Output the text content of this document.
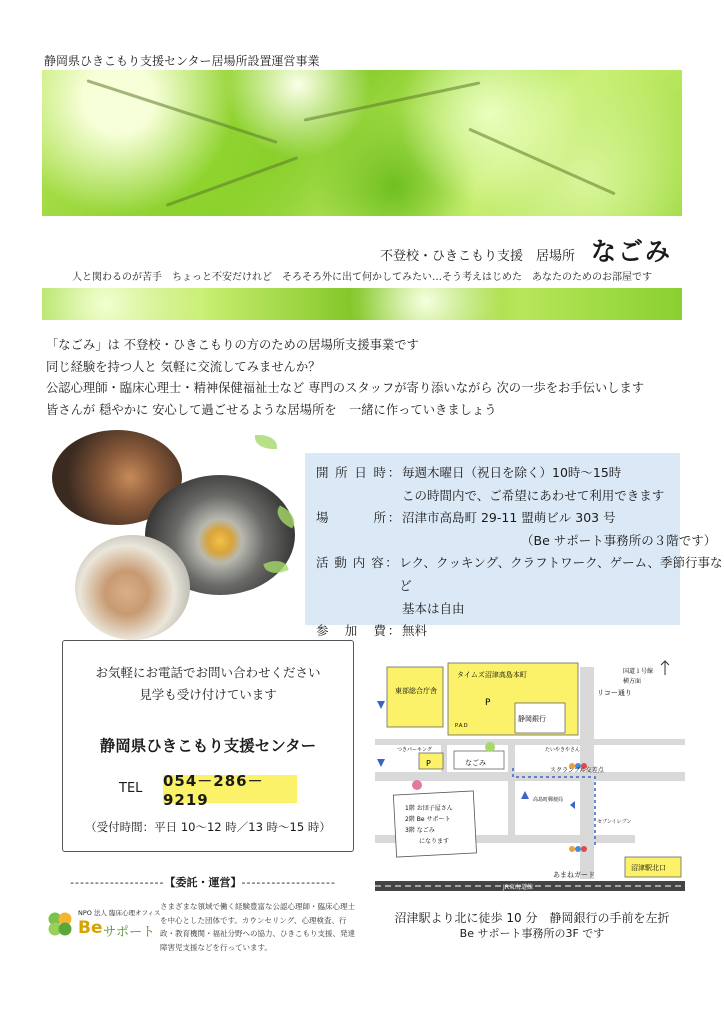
静岡県ひきこもり支援センター居場所設置運営事業
不登校・ひきこもり支援　居場所 なごみ
人と関わるのが苦手　ちょっと不安だけれど　そろそろ外に出て何かしてみたい…そう考えはじめた　あなたのためのお部屋です
「なごみ」は 不登校・ひきこもりの方のための居場所支援事業です
同じ経験を持つ人と 気軽に交流してみませんか？
公認心理師・臨床心理士・精神保健福祉士など 専門のスタッフが寄り添いながら 次の一歩をお手伝いします
皆さんが 穏やかに 安心して過ごせるような居場所を　一緒に作っていきましょう
開所日時 ： 毎週木曜日（祝日を除く）10時～15時
この時間内で、ご希望にあわせて利用できます
場　所 ： 沼津市高島町 29-11 盟萌ビル 303 号
（Be サポート事務所の３階です）
活動内容 ： レク、クッキング、クラフトワーク、ゲーム、季節行事など
基本は自由
参加費 ： 無料
お気軽にお電話でお問い合わせください
見学も受け付けています
静岡県ひきこもり支援センター
TEL 054－286－9219
（受付時間：平日 10～12 時／13 時～15 時）
-------------------【委託・運営】-------------------
NPO 法人 臨床心理オフィス
Be サポート
さまざまな領域で働く経験豊富な公認心理師・臨床心理士を中心とした団体です。カウンセリング、心理検査、行政・教育機関・福祉分野への協力、ひきこもり支援、発達障害児支援などを行っています。
東部総合庁舎
タイムズ沼津高島本町
P
P.A.D
静岡銀行
リコー通り
国道１号線
横方面
つきパーキング
P	なごみ
たいやきやさん
スクランブル交差点
高島町郵便局
セブンイレブン
1階 お団子屋さん
2階 Be サポート
3階 なごみ
になります
あまねガード
沼津駅北口
JR東海道線
沼津駅より北に徒歩 10 分　静岡銀行の手前を左折
Be サポート事務所の3F です
